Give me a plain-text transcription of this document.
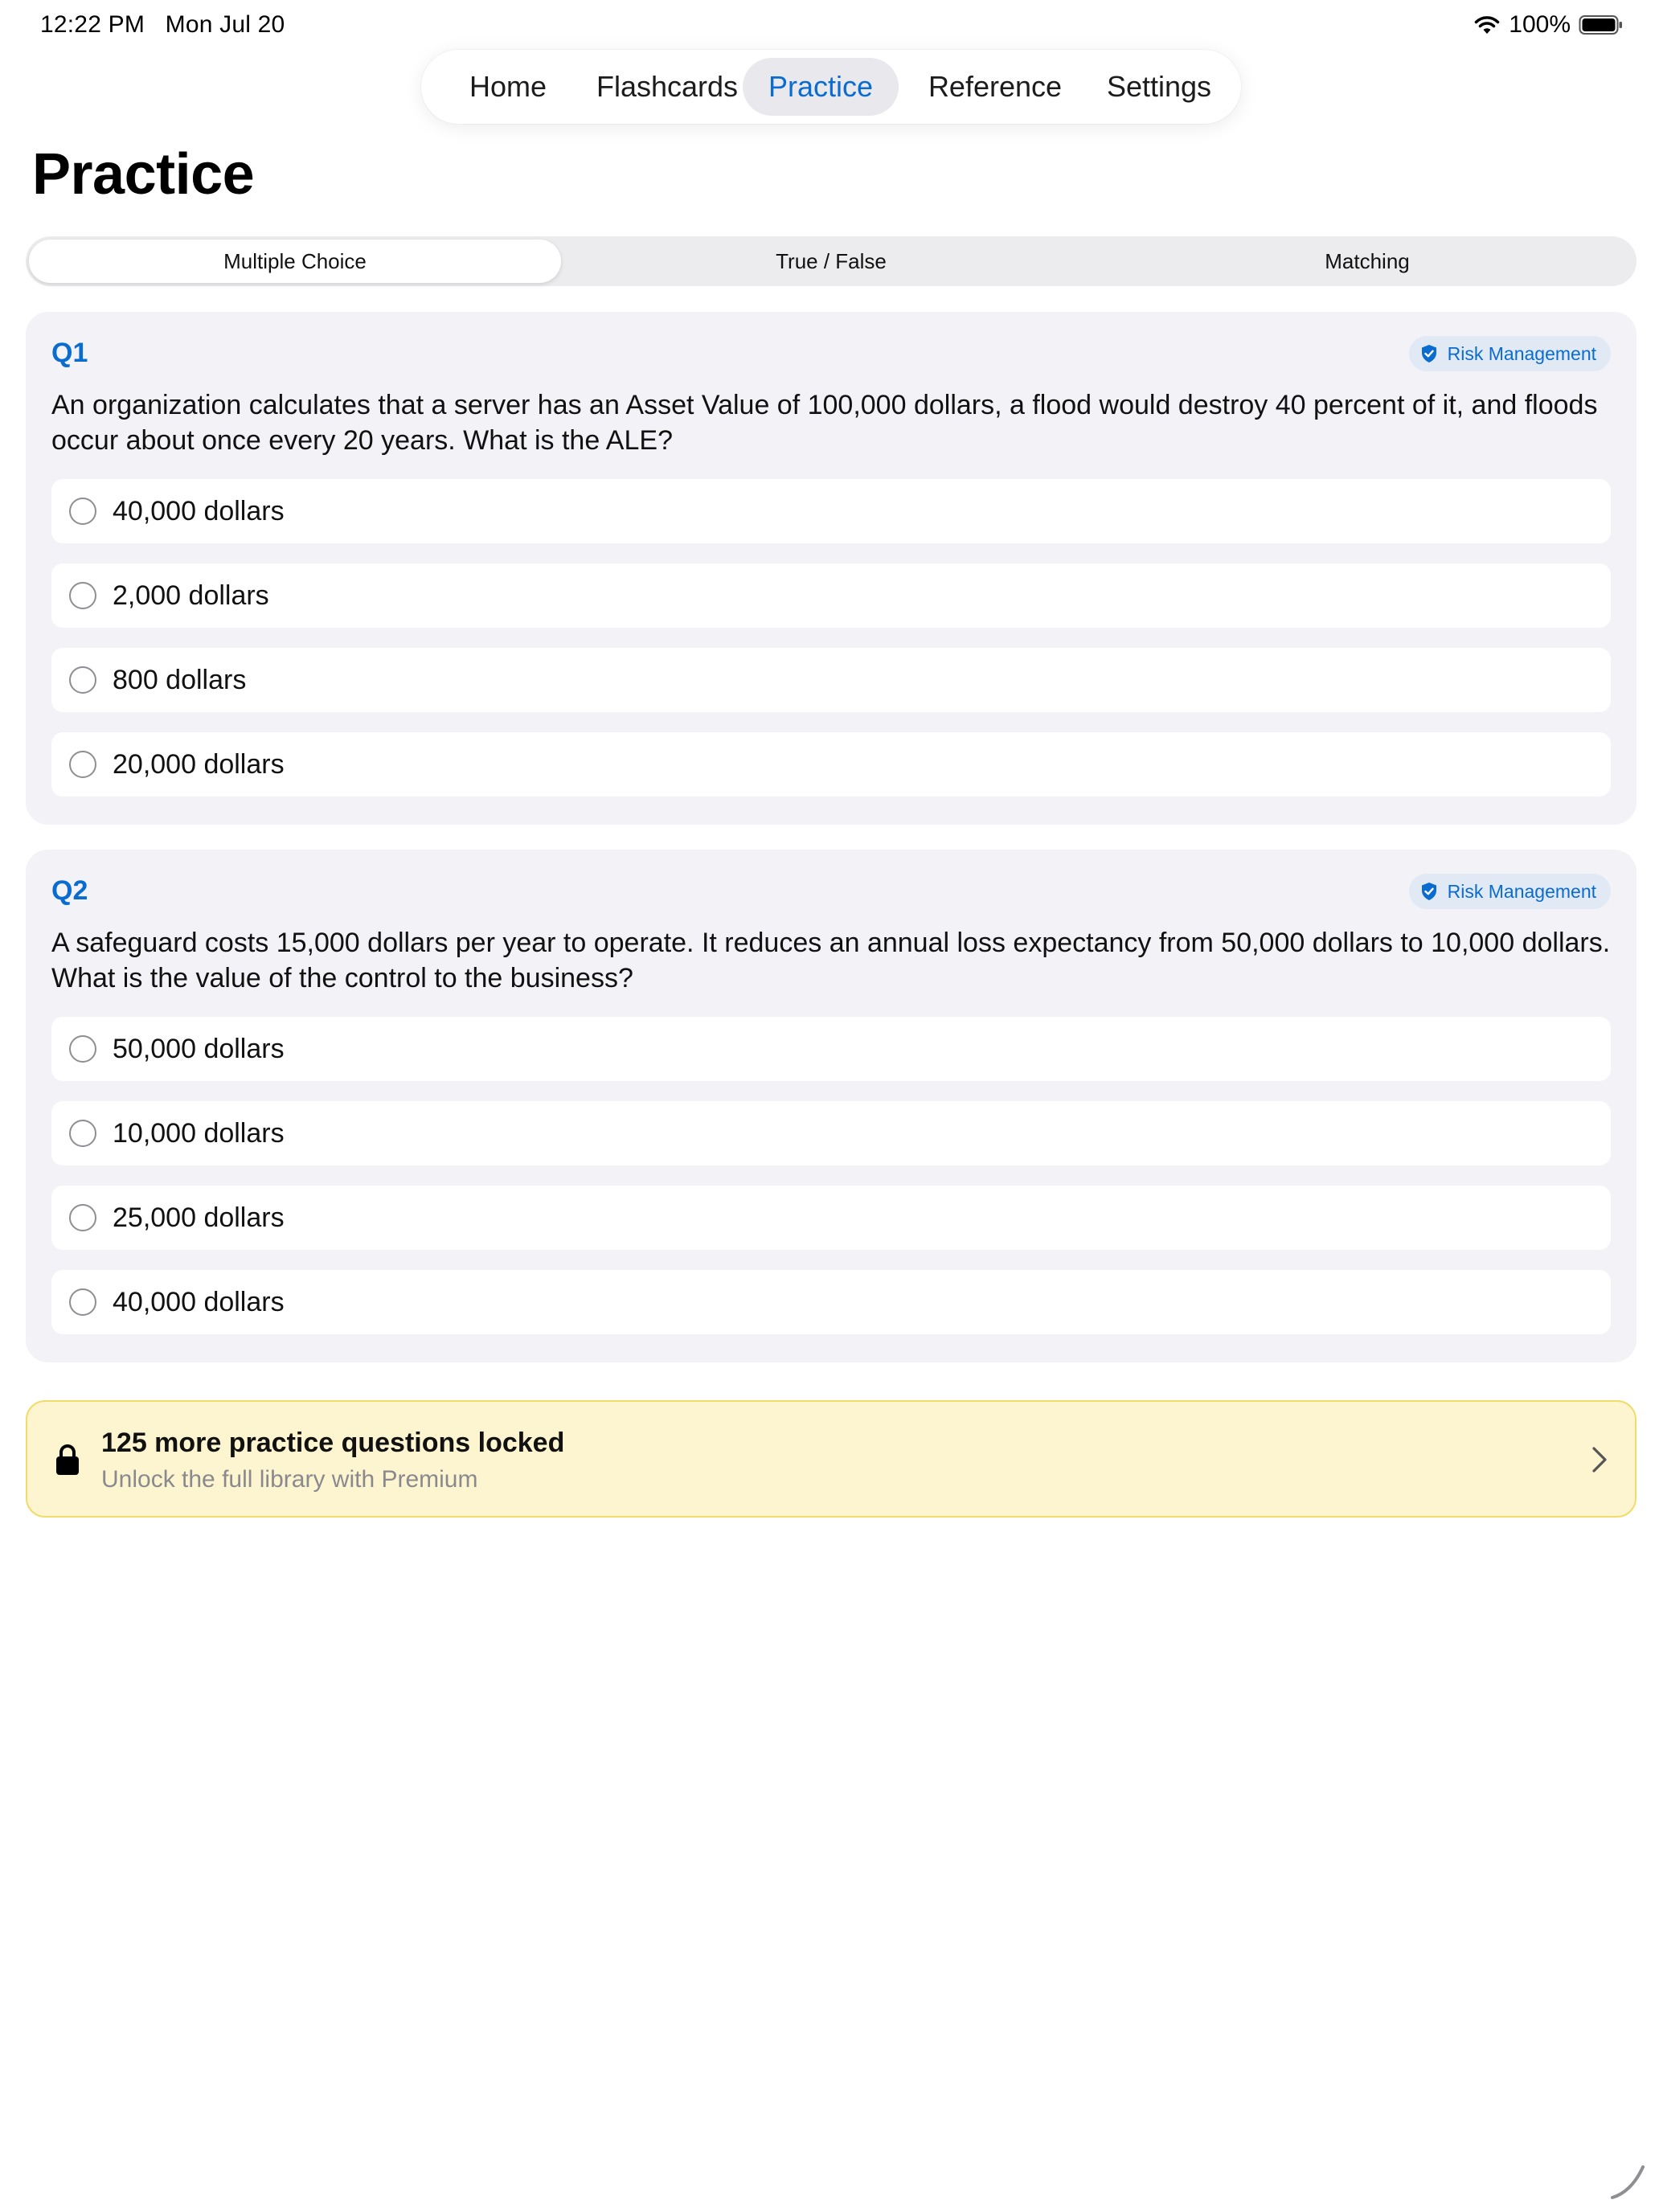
12:22 PM Mon Jul 20	100%
Home	Flashcards	Practice	Reference	Settings
Practice
Multiple Choice	True / False	Matching
Q1	Risk Management
An organization calculates that a server has an Asset Value of 100,000 dollars, a flood would destroy 40 percent of it, and floods occur about once every 20 years. What is the ALE?
40,000 dollars
2,000 dollars
800 dollars
20,000 dollars
Q2	Risk Management
A safeguard costs 15,000 dollars per year to operate. It reduces an annual loss expectancy from 50,000 dollars to 10,000 dollars. What is the value of the control to the business?
50,000 dollars
10,000 dollars
25,000 dollars
40,000 dollars
125 more practice questions locked
Unlock the full library with Premium
